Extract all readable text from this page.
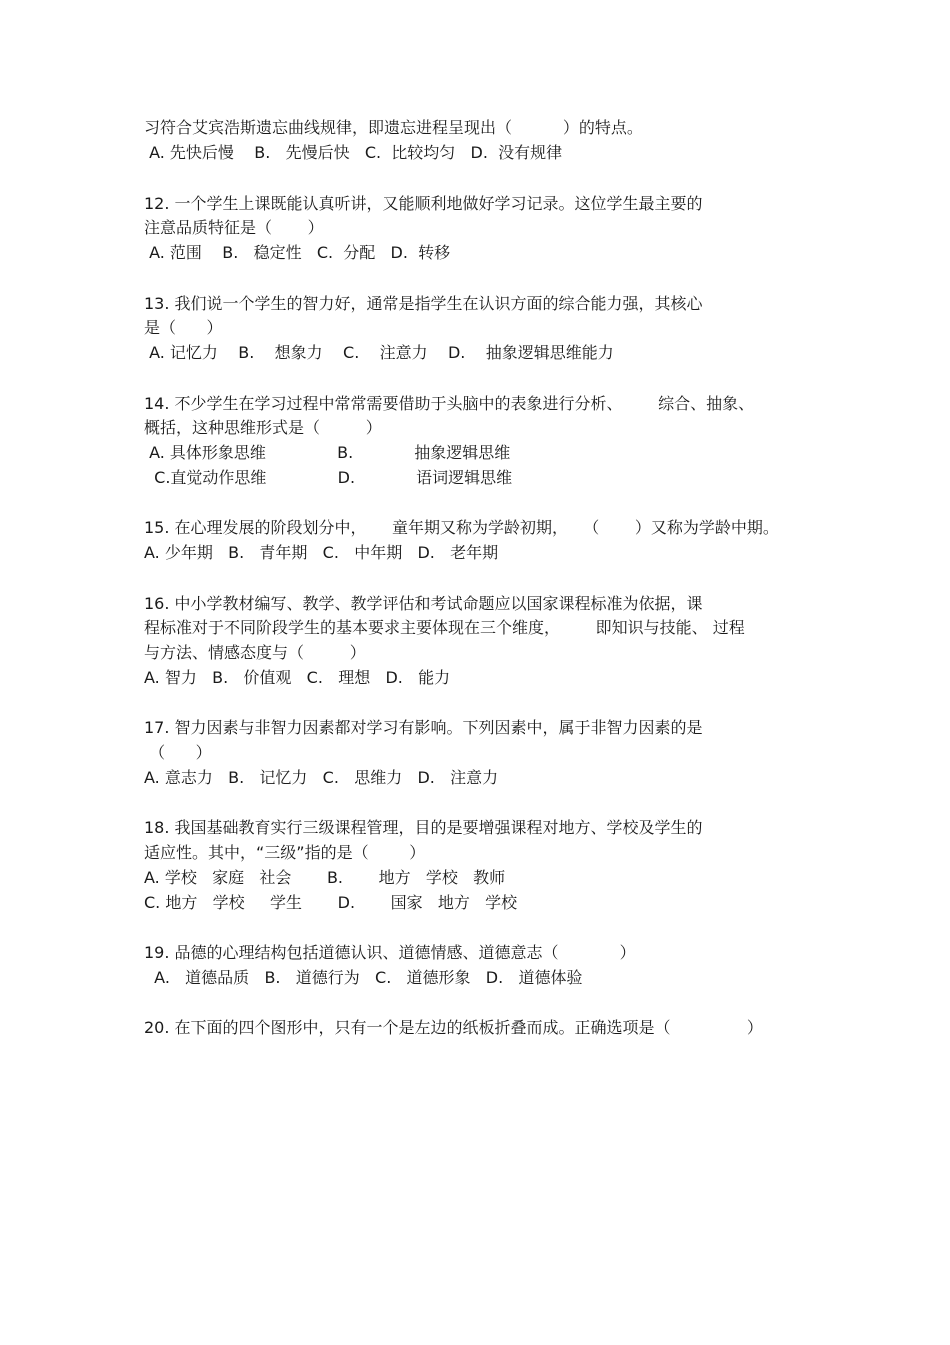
习符合艾宾浩斯遗忘曲线规律，即遗忘进程呈现出（          ）的特点。
A. 先快后慢    B.   先慢后快   C.  比较均匀   D.  没有规律
12. 一个学生上课既能认真听讲，又能顺利地做好学习记录。这位学生最主要的
注意品质特征是（       ）
A. 范围    B.   稳定性   C.  分配   D.  转移
13. 我们说一个学生的智力好，通常是指学生在认识方面的综合能力强，其核心
是（      ）
A. 记忆力    B.    想象力    C.    注意力    D.    抽象逻辑思维能力
14. 不少学生在学习过程中常常需要借助于头脑中的表象进行分析、       综合、抽象、
概括，这种思维形式是（         ）
A. 具体形象思维              B.            抽象逻辑思维
C.直觉动作思维              D.            语词逻辑思维
15. 在心理发展的阶段划分中，     童年期又称为学龄初期，   （       ）又称为学龄中期。
A. 少年期   B.   青年期   C.   中年期   D.   老年期
16. 中小学教材编写、教学、教学评估和考试命题应以国家课程标准为依据，课
程标准对于不同阶段学生的基本要求主要体现在三个维度，       即知识与技能、 过程
与方法、情感态度与（         ）
A. 智力   B.   价值观   C.   理想   D.   能力
17. 智力因素与非智力因素都对学习有影响。下列因素中，属于非智力因素的是
（      ）
A. 意志力   B.   记忆力   C.   思维力   D.   注意力
18. 我国基础教育实行三级课程管理，目的是要增强课程对地方、学校及学生的
适应性。其中，“三级”指的是（        ）
A. 学校   家庭   社会       B.       地方   学校   教师
C. 地方   学校     学生       D.       国家   地方   学校
19. 品德的心理结构包括道德认识、道德情感、道德意志（            ）
A.   道德品质   B.   道德行为   C.   道德形象   D.   道德体验
20. 在下面的四个图形中，只有一个是左边的纸板折叠而成。正确选项是（               ）
